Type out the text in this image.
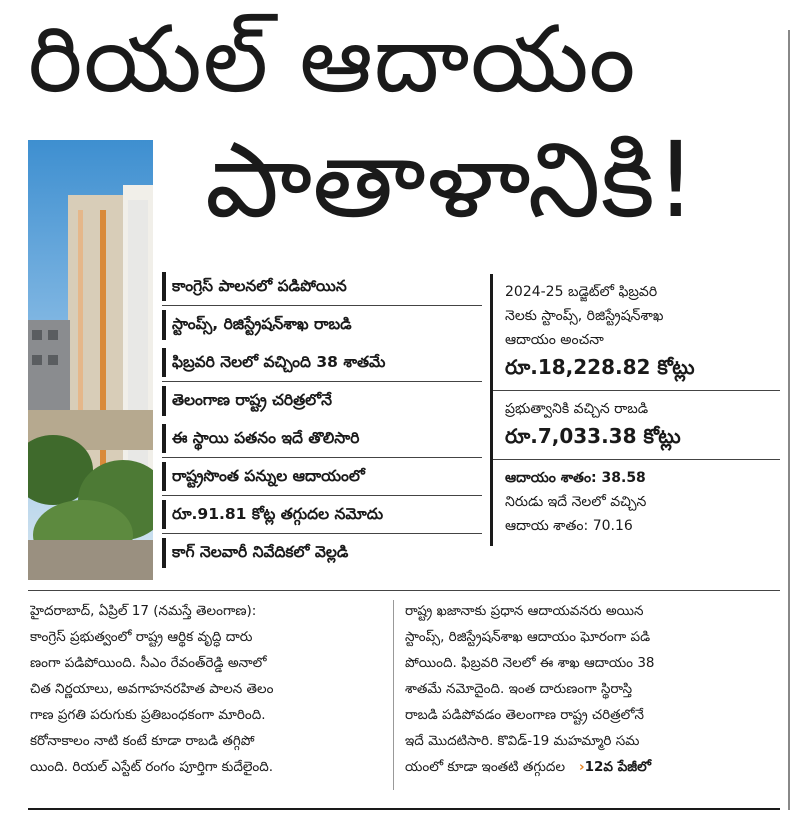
రియల్ ఆదాయం
పాతాళానికి!
కాంగ్రెస్ పాలనలో పడిపోయిన
స్టాంప్స్, రిజిస్ట్రేషన్‌శాఖ రాబడి
ఫిబ్రవరి నెలలో వచ్చింది 38 శాతమే
తెలంగాణ రాష్ట్ర చరిత్రలోనే
ఈ స్థాయి పతనం ఇదే తొలిసారి
రాష్ట్రసొంత పన్నుల ఆదాయంలో
రూ.91.81 కోట్ల తగ్గుదల నమోదు
కాగ్ నెలవారీ నివేదికలో వెల్లడి
2024-25 బడ్జెట్‌లో ఫిబ్రవరి
నెలకు స్టాంప్స్, రిజిస్ట్రేషన్‌శాఖ
ఆదాయం అంచనా
రూ.18,228.82 కోట్లు
ప్రభుత్వానికి వచ్చిన రాబడి
రూ.7,033.38 కోట్లు
ఆదాయం శాతం: 38.58
నిరుడు ఇదే నెలలో వచ్చిన
ఆదాయ శాతం: 70.16

హైదరాబాద్, ఏప్రిల్ 17 (నమస్తే తెలంగాణ):

కాంగ్రెస్ ప్రభుత్వంలో రాష్ట్ర ఆర్థిక వృద్ధి దారు

ణంగా పడిపోయింది. సీఎం రేవంత్‌రెడ్డి అనాలో

చిత నిర్ణయాలు, అవగాహనరహిత పాలన తెలం

గాణ ప్రగతి పరుగుకు ప్రతిబంధకంగా మారింది.

కరోనాకాలం నాటి కంటే కూడా రాబడి తగ్గిపో

యింది. రియల్ ఎస్టేట్ రంగం పూర్తిగా కుదేలైంది.

రాష్ట్ర ఖజానాకు ప్రధాన ఆదాయవనరు అయిన

స్టాంప్స్, రిజిస్ట్రేషన్‌శాఖ ఆదాయం ఘోరంగా పడి

పోయింది. ఫిబ్రవరి నెలలో ఈ శాఖ ఆదాయం 38

శాతమే నమోదైంది. ఇంత దారుణంగా స్థిరాస్తి

రాబడి పడిపోవడం తెలంగాణ రాష్ట్ర చరిత్రలోనే

ఇదే మొదటిసారి. కొవిడ్-19 మహమ్మారి సమ

యంలో కూడా ఇంతటి తగ్గుదల ›12వ పేజీలో
